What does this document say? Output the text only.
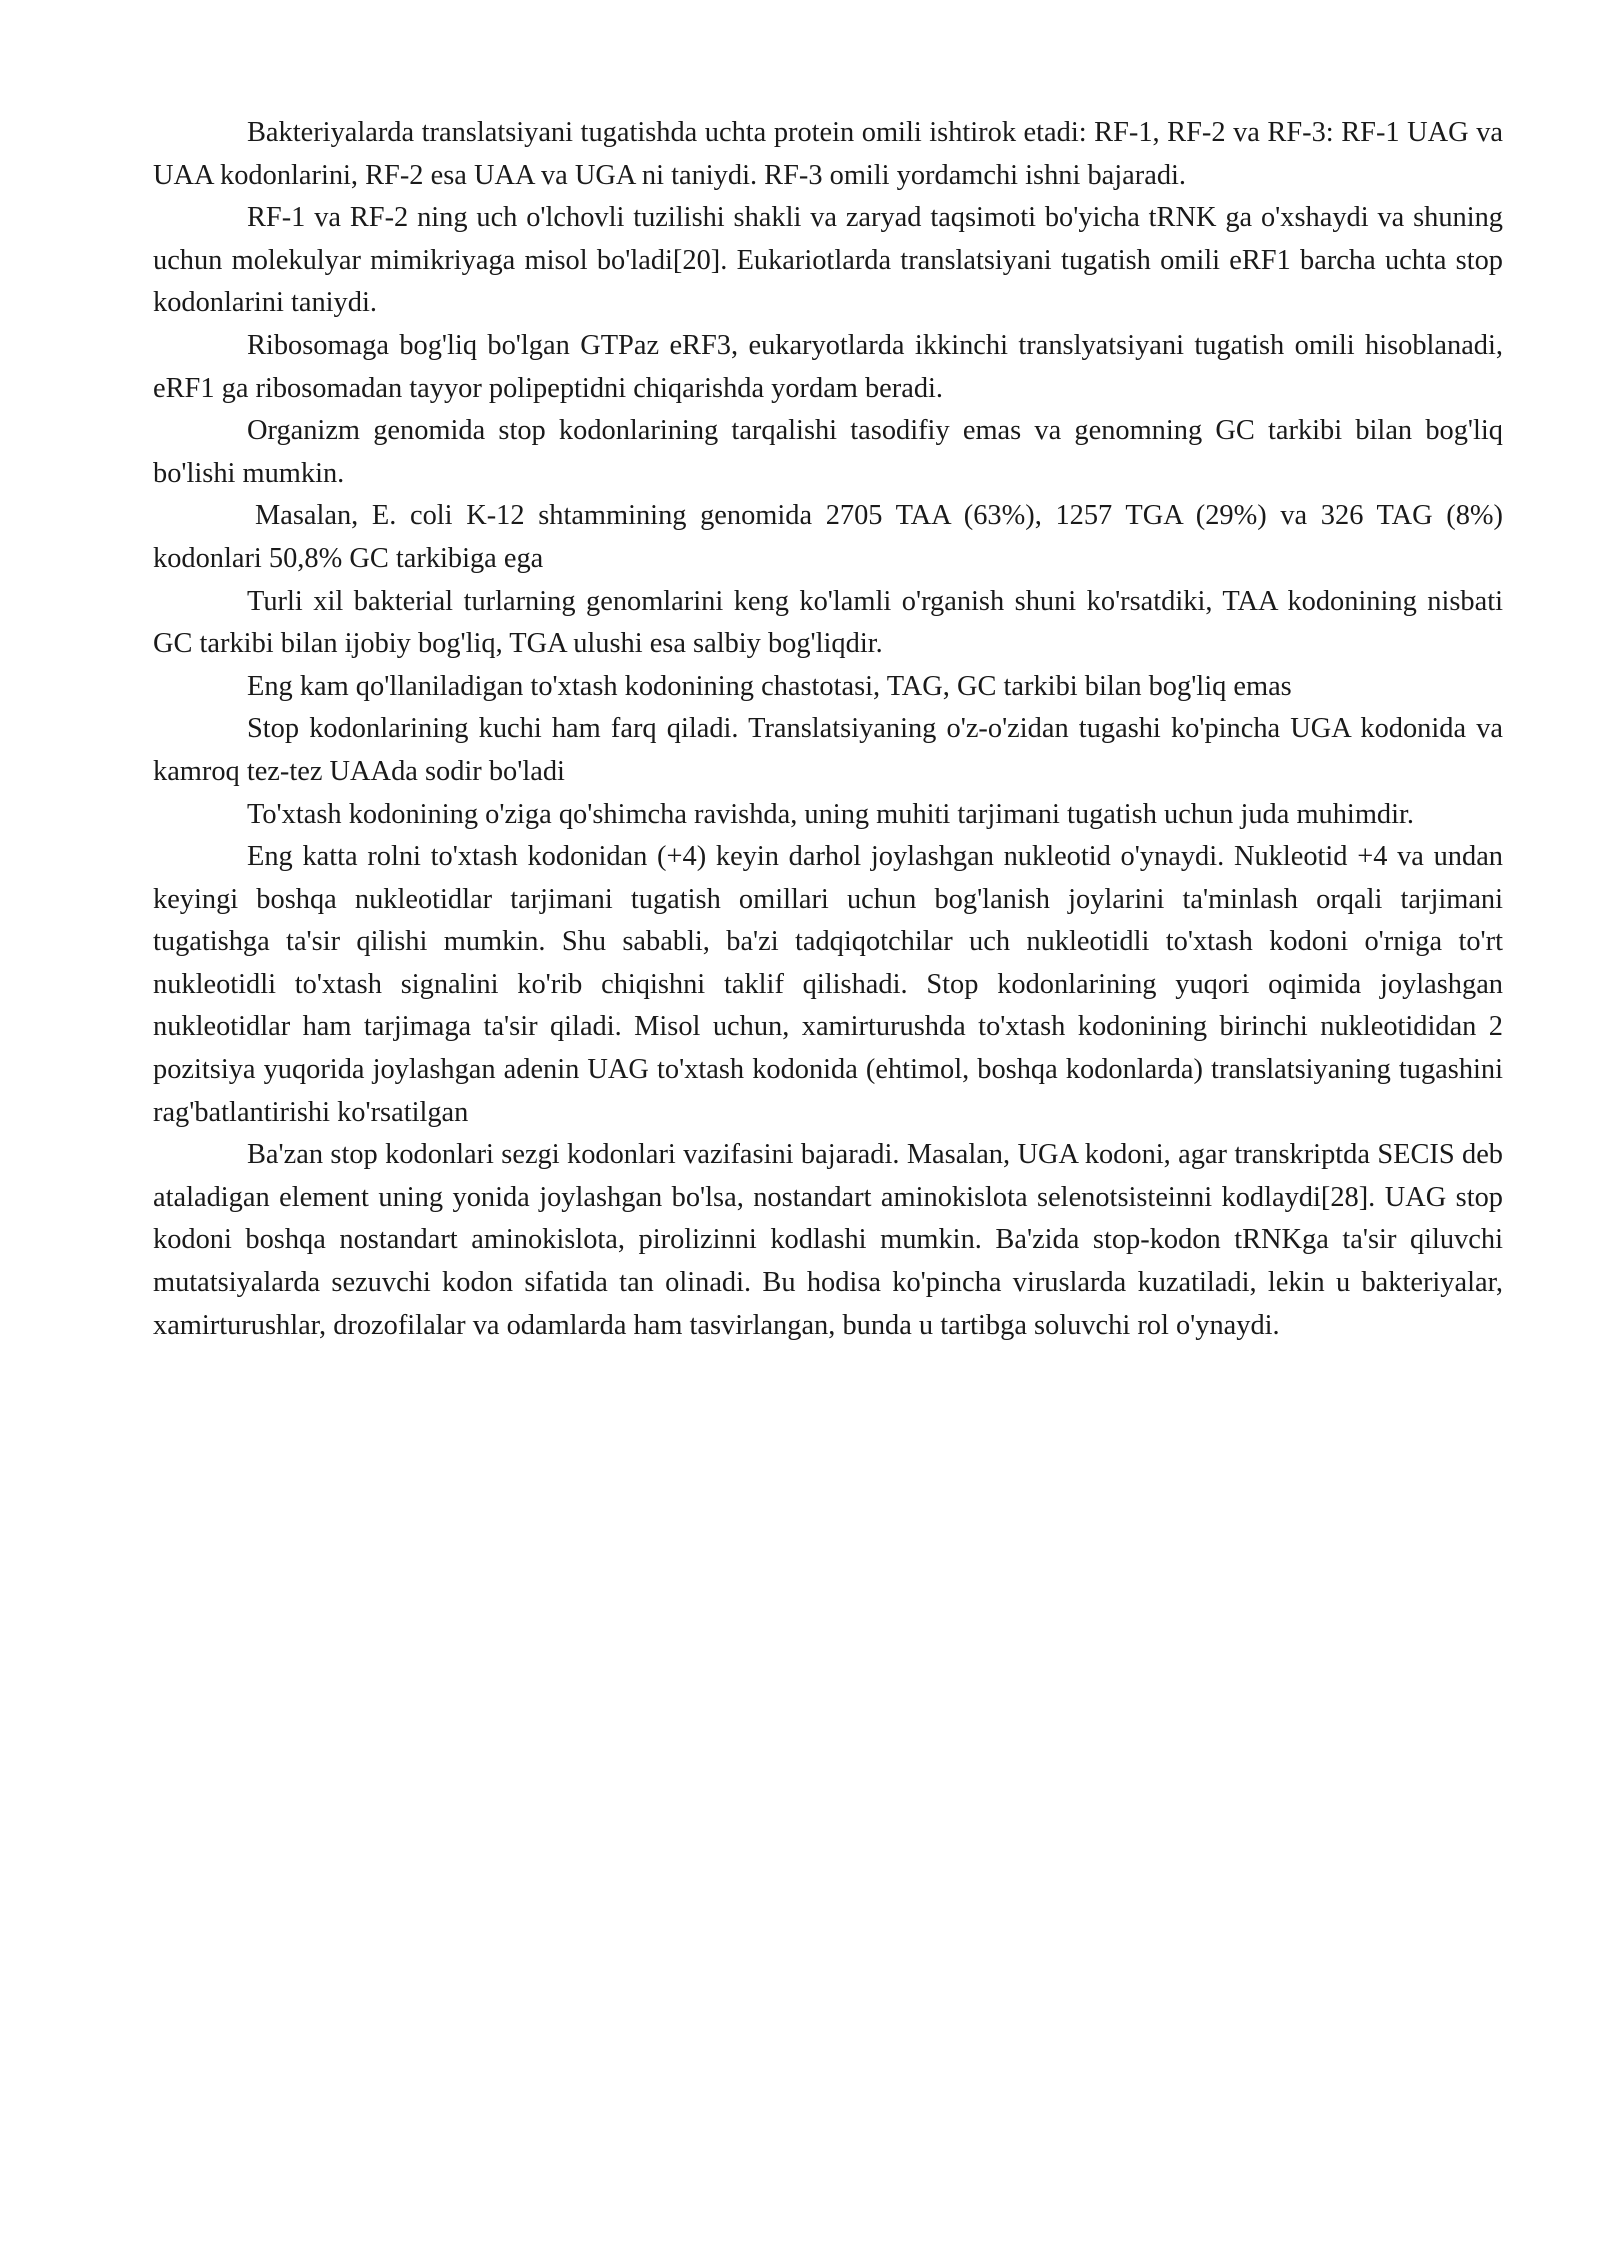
Bakteriyalarda translatsiyani tugatishda uchta protein omili ishtirok etadi: RF-1, RF-2 va RF-3: RF-1 UAG va UAA kodonlarini, RF-2 esa UAA va UGA ni taniydi. RF-3 omili yordamchi ishni bajaradi.

RF-1 va RF-2 ning uch o'lchovli tuzilishi shakli va zaryad taqsimoti bo'yicha tRNK ga o'xshaydi va shuning uchun molekulyar mimikriyaga misol bo'ladi[20]. Eukariotlarda translatsiyani tugatish omili eRF1 barcha uchta stop kodonlarini taniydi.

Ribosomaga bog'liq bo'lgan GTPaz eRF3, eukaryotlarda ikkinchi translyatsiyani tugatish omili hisoblanadi, eRF1 ga ribosomadan tayyor polipeptidni chiqarishda yordam beradi.

Organizm genomida stop kodonlarining tarqalishi tasodifiy emas va genomning GC tarkibi bilan bog'liq bo'lishi mumkin.

Masalan, E. coli K-12 shtammining genomida 2705 TAA (63%), 1257 TGA (29%) va 326 TAG (8%) kodonlari 50,8% GC tarkibiga ega

Turli xil bakterial turlarning genomlarini keng ko'lamli o'rganish shuni ko'rsatdiki, TAA kodonining nisbati GC tarkibi bilan ijobiy bog'liq, TGA ulushi esa salbiy bog'liqdir.

Eng kam qo'llaniladigan to'xtash kodonining chastotasi, TAG, GC tarkibi bilan bog'liq emas

Stop kodonlarining kuchi ham farq qiladi. Translatsiyaning o'z-o'zidan tugashi ko'pincha UGA kodonida va kamroq tez-tez UAAda sodir bo'ladi

To'xtash kodonining o'ziga qo'shimcha ravishda, uning muhiti tarjimani tugatish uchun juda muhimdir.

Eng katta rolni to'xtash kodonidan (+4) keyin darhol joylashgan nukleotid o'ynaydi. Nukleotid +4 va undan keyingi boshqa nukleotidlar tarjimani tugatish omillari uchun bog'lanish joylarini ta'minlash orqali tarjimani tugatishga ta'sir qilishi mumkin. Shu sababli, ba'zi tadqiqotchilar uch nukleotidli to'xtash kodoni o'rniga to'rt nukleotidli to'xtash signalini ko'rib chiqishni taklif qilishadi. Stop kodonlarining yuqori oqimida joylashgan nukleotidlar ham tarjimaga ta'sir qiladi. Misol uchun, xamirturushda to'xtash kodonining birinchi nukleotididan 2 pozitsiya yuqorida joylashgan adenin UAG to'xtash kodonida (ehtimol, boshqa kodonlarda) translatsiyaning tugashini rag'batlantirishi ko'rsatilgan

Ba'zan stop kodonlari sezgi kodonlari vazifasini bajaradi. Masalan, UGA kodoni, agar transkriptda SECIS deb ataladigan element uning yonida joylashgan bo'lsa, nostandart aminokislota selenotsisteinni kodlaydi[28]. UAG stop kodoni boshqa nostandart aminokislota, pirolizinni kodlashi mumkin. Ba'zida stop-kodon tRNKga ta'sir qiluvchi mutatsiyalarda sezuvchi kodon sifatida tan olinadi. Bu hodisa ko'pincha viruslarda kuzatiladi, lekin u bakteriyalar, xamirturushlar, drozofilalar va odamlarda ham tasvirlangan, bunda u tartibga soluvchi rol o'ynaydi.
